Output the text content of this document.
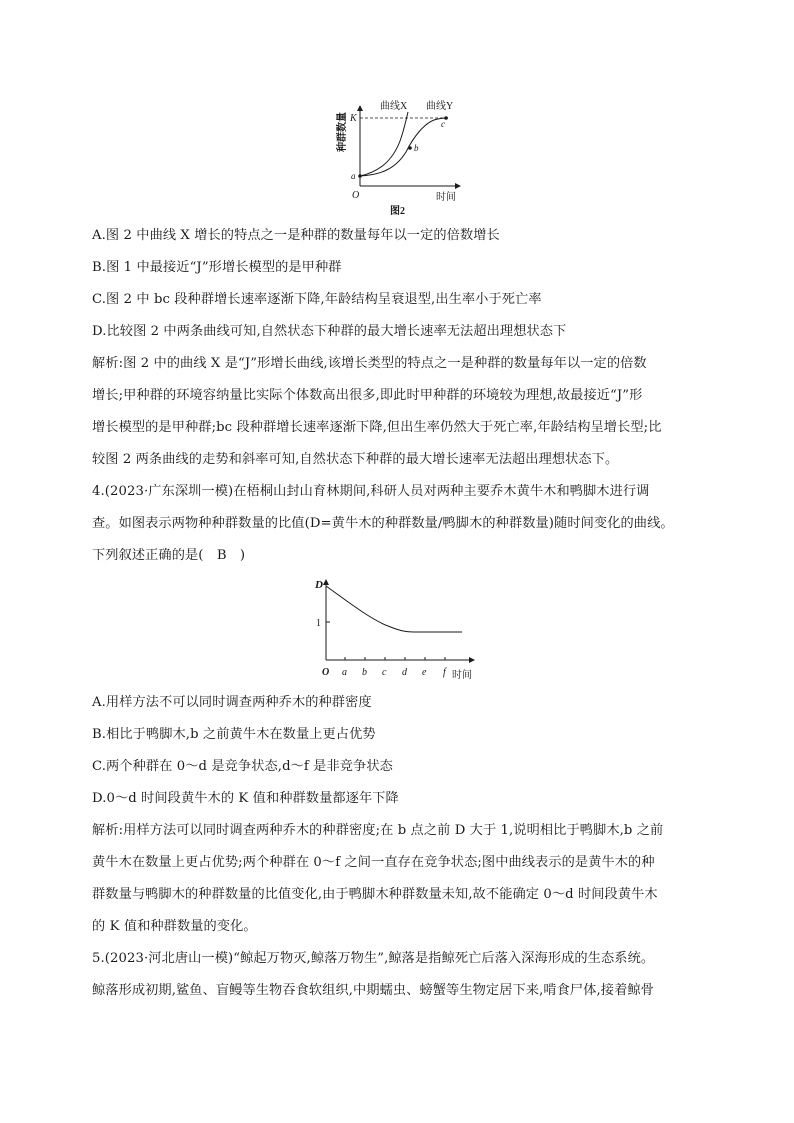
种群数量 K
曲线X 曲线Y
a
b
c
O	时间
图2
A.图 2 中曲线 X 增长的特点之一是种群的数量每年以一定的倍数增长
B.图 1 中最接近“J”形增长模型的是甲种群
C.图 2 中 bc 段种群增长速率逐渐下降,年龄结构呈衰退型,出生率小于死亡率
D.比较图 2 中两条曲线可知,自然状态下种群的最大增长速率无法超出理想状态下
解析:图 2 中的曲线 X 是“J”形增长曲线,该增长类型的特点之一是种群的数量每年以一定的倍数
增长;甲种群的环境容纳量比实际个体数高出很多,即此时甲种群的环境较为理想,故最接近“J”形
增长模型的是甲种群;bc 段种群增长速率逐渐下降,但出生率仍然大于死亡率,年龄结构呈增长型;比
较图 2 两条曲线的走势和斜率可知,自然状态下种群的最大增长速率无法超出理想状态下。
4.(2023·广东深圳一模)在梧桐山封山育林期间,科研人员对两种主要乔木黄牛木和鸭脚木进行调
查。如图表示两物种种群数量的比值(D=黄牛木的种群数量/鸭脚木的种群数量)随时间变化的曲线。
下列叙述正确的是(　B　)
D
1
O a b c d e f 时间
A.用样方法不可以同时调查两种乔木的种群密度
B.相比于鸭脚木,b 之前黄牛木在数量上更占优势
C.两个种群在 0～d 是竞争状态,d～f 是非竞争状态
D.0～d 时间段黄牛木的 K 值和种群数量都逐年下降
解析:用样方法可以同时调查两种乔木的种群密度;在 b 点之前 D 大于 1,说明相比于鸭脚木,b 之前
黄牛木在数量上更占优势;两个种群在 0～f 之间一直存在竞争状态;图中曲线表示的是黄牛木的种
群数量与鸭脚木的种群数量的比值变化,由于鸭脚木种群数量未知,故不能确定 0～d 时间段黄牛木
的 K 值和种群数量的变化。
5.(2023·河北唐山一模)“鲸起万物灭,鲸落万物生”,鲸落是指鲸死亡后落入深海形成的生态系统。
鲸落形成初期,鲨鱼、盲鳗等生物吞食软组织,中期蠕虫、螃蟹等生物定居下来,啃食尸体,接着鲸骨
